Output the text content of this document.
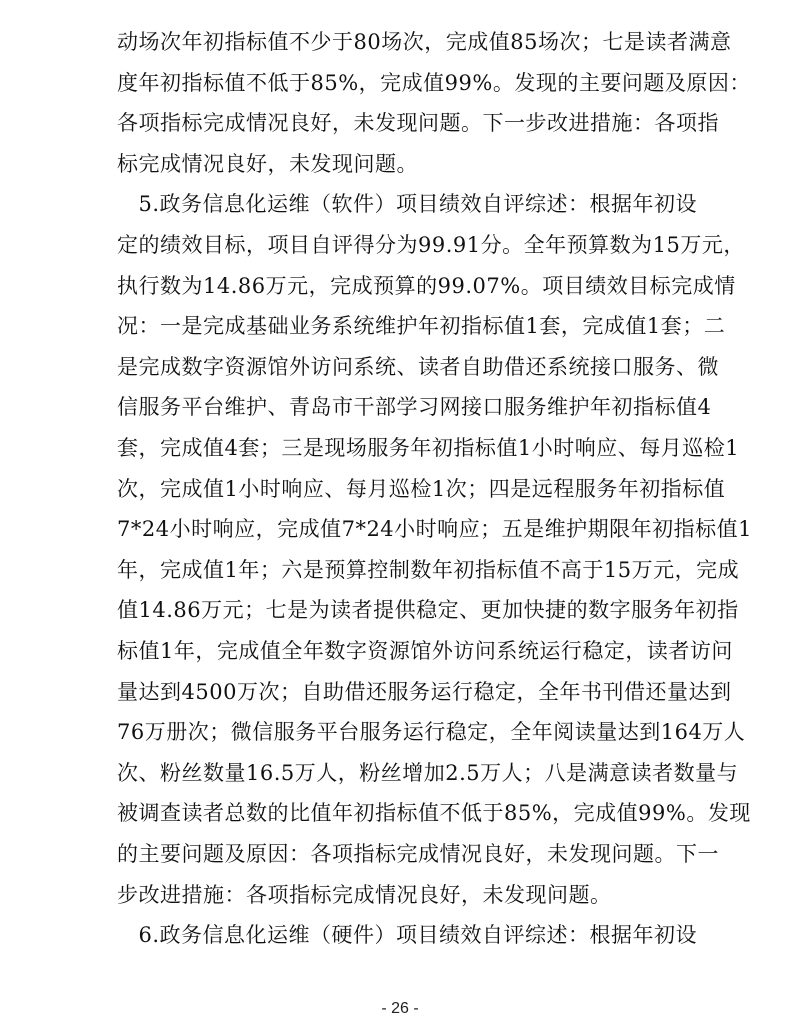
动场次年初指标值不少于80场次，完成值85场次；七是读者满意
度年初指标值不低于85%，完成值99%。发现的主要问题及原因：
各项指标完成情况良好，未发现问题。下一步改进措施：各项指
标完成情况良好，未发现问题。
　5.政务信息化运维（软件）项目绩效自评综述：根据年初设
定的绩效目标，项目自评得分为99.91分。全年预算数为15万元，
执行数为14.86万元，完成预算的99.07%。项目绩效目标完成情
况：一是完成基础业务系统维护年初指标值1套，完成值1套；二
是完成数字资源馆外访问系统、读者自助借还系统接口服务、微
信服务平台维护、青岛市干部学习网接口服务维护年初指标值4
套，完成值4套；三是现场服务年初指标值1小时响应、每月巡检1
次，完成值1小时响应、每月巡检1次；四是远程服务年初指标值
7*24小时响应，完成值7*24小时响应；五是维护期限年初指标值1
年，完成值1年；六是预算控制数年初指标值不高于15万元，完成
值14.86万元；七是为读者提供稳定、更加快捷的数字服务年初指
标值1年，完成值全年数字资源馆外访问系统运行稳定，读者访问
量达到4500万次；自助借还服务运行稳定，全年书刊借还量达到
76万册次；微信服务平台服务运行稳定，全年阅读量达到164万人
次、粉丝数量16.5万人，粉丝增加2.5万人；八是满意读者数量与
被调查读者总数的比值年初指标值不低于85%，完成值99%。发现
的主要问题及原因：各项指标完成情况良好，未发现问题。下一
步改进措施：各项指标完成情况良好，未发现问题。
　6.政务信息化运维（硬件）项目绩效自评综述：根据年初设
- 26 -
